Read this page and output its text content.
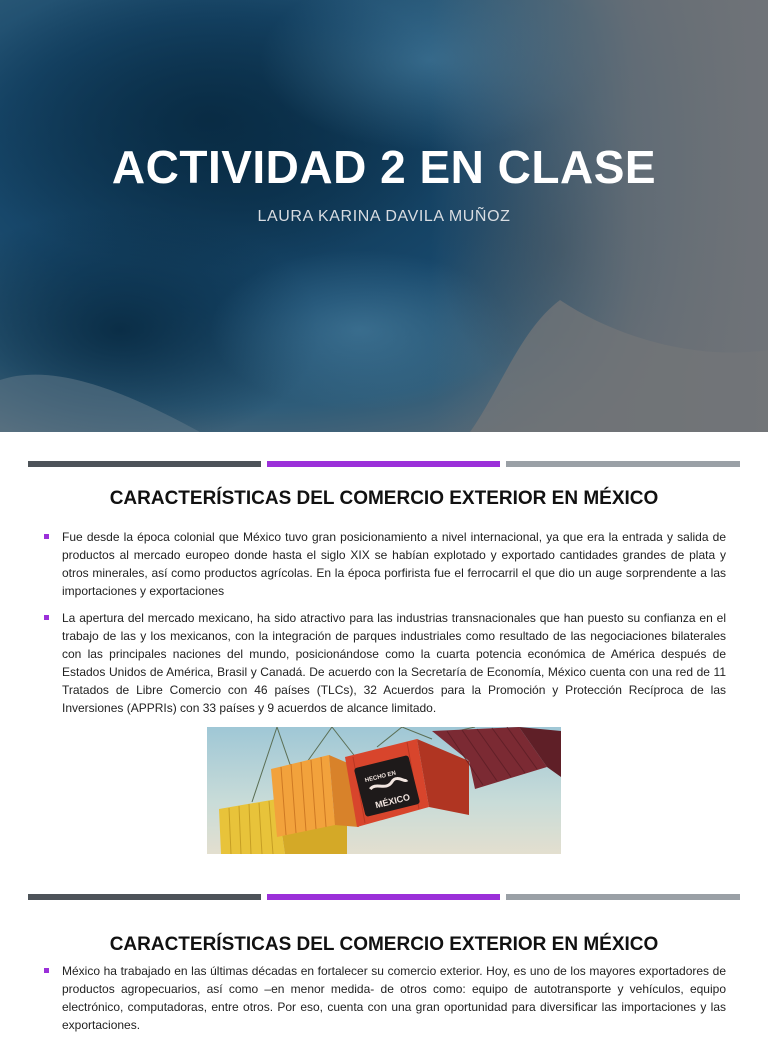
ACTIVIDAD 2 EN CLASE
LAURA KARINA DAVILA MUÑOZ
CARACTERÍSTICAS DEL COMERCIO EXTERIOR EN MÉXICO
Fue desde la época colonial que México tuvo gran posicionamiento a nivel internacional, ya que era la entrada y salida de productos al mercado europeo donde hasta el siglo XIX se habían explotado y exportado cantidades grandes de plata y otros minerales, así como productos agrícolas. En la época porfirista fue el ferrocarril el que dio un auge sorprendente a las importaciones y exportaciones
La apertura del mercado mexicano, ha sido atractivo para las industrias transnacionales que han puesto su confianza en el trabajo de las y los mexicanos, con la integración de parques industriales como resultado de las negociaciones bilaterales con las principales naciones del mundo, posicionándose como la cuarta potencia económica de América después de Estados Unidos de América, Brasil y Canadá. De acuerdo con la Secretaría de Economía, México cuenta con una red de 11 Tratados de Libre Comercio con 46 países (TLCs), 32 Acuerdos para la Promoción y Protección Recíproca de las Inversiones (APPRIs) con 33 países y 9 acuerdos de alcance limitado.
HECHO EN
MÉXICO
CARACTERÍSTICAS DEL COMERCIO EXTERIOR EN MÉXICO
México ha trabajado en las últimas décadas en fortalecer su comercio exterior. Hoy, es uno de los mayores exportadores de productos agropecuarios, así como –en menor medida- de otros como: equipo de autotransporte y vehículos, equipo electrónico, computadoras, entre otros. Por eso, cuenta con una gran oportunidad para diversificar las importaciones y las exportaciones.
